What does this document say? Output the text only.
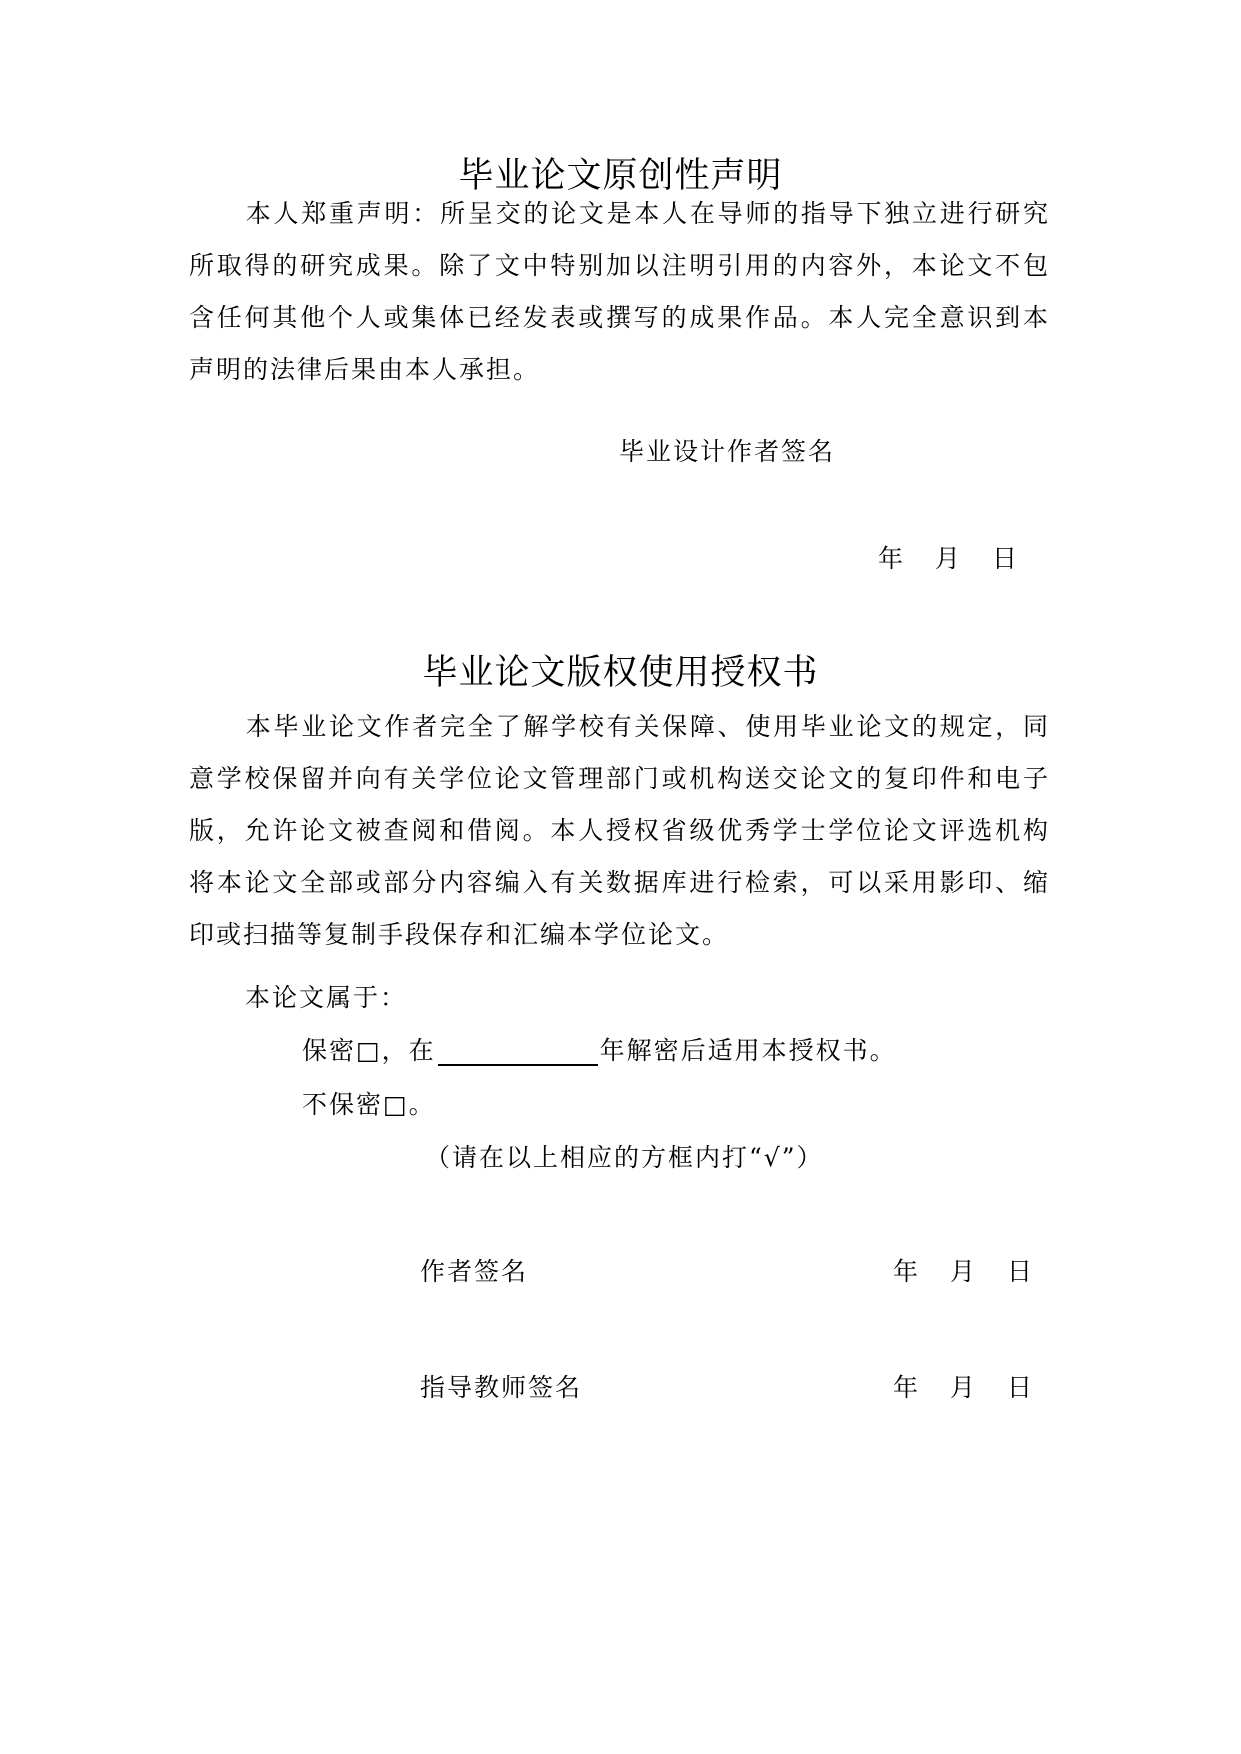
毕业论文原创性声明
本人郑重声明：所呈交的论文是本人在导师的指导下独立进行研究所取得的研究成果。除了文中特别加以注明引用的内容外，本论文不包含任何其他个人或集体已经发表或撰写的成果作品。本人完全意识到本声明的法律后果由本人承担。
毕业设计作者签名
年 月 日
毕业论文版权使用授权书
本毕业论文作者完全了解学校有关保障、使用毕业论文的规定，同意学校保留并向有关学位论文管理部门或机构送交论文的复印件和电子版，允许论文被查阅和借阅。本人授权省级优秀学士学位论文评选机构将本论文全部或部分内容编入有关数据库进行检索，可以采用影印、缩印或扫描等复制手段保存和汇编本学位论文。
本论文属于：
保密□，在	年解密后适用本授权书。
不保密□。
（请在以上相应的方框内打“√”）
作者签名	年 月 日
指导教师签名	年 月 日
